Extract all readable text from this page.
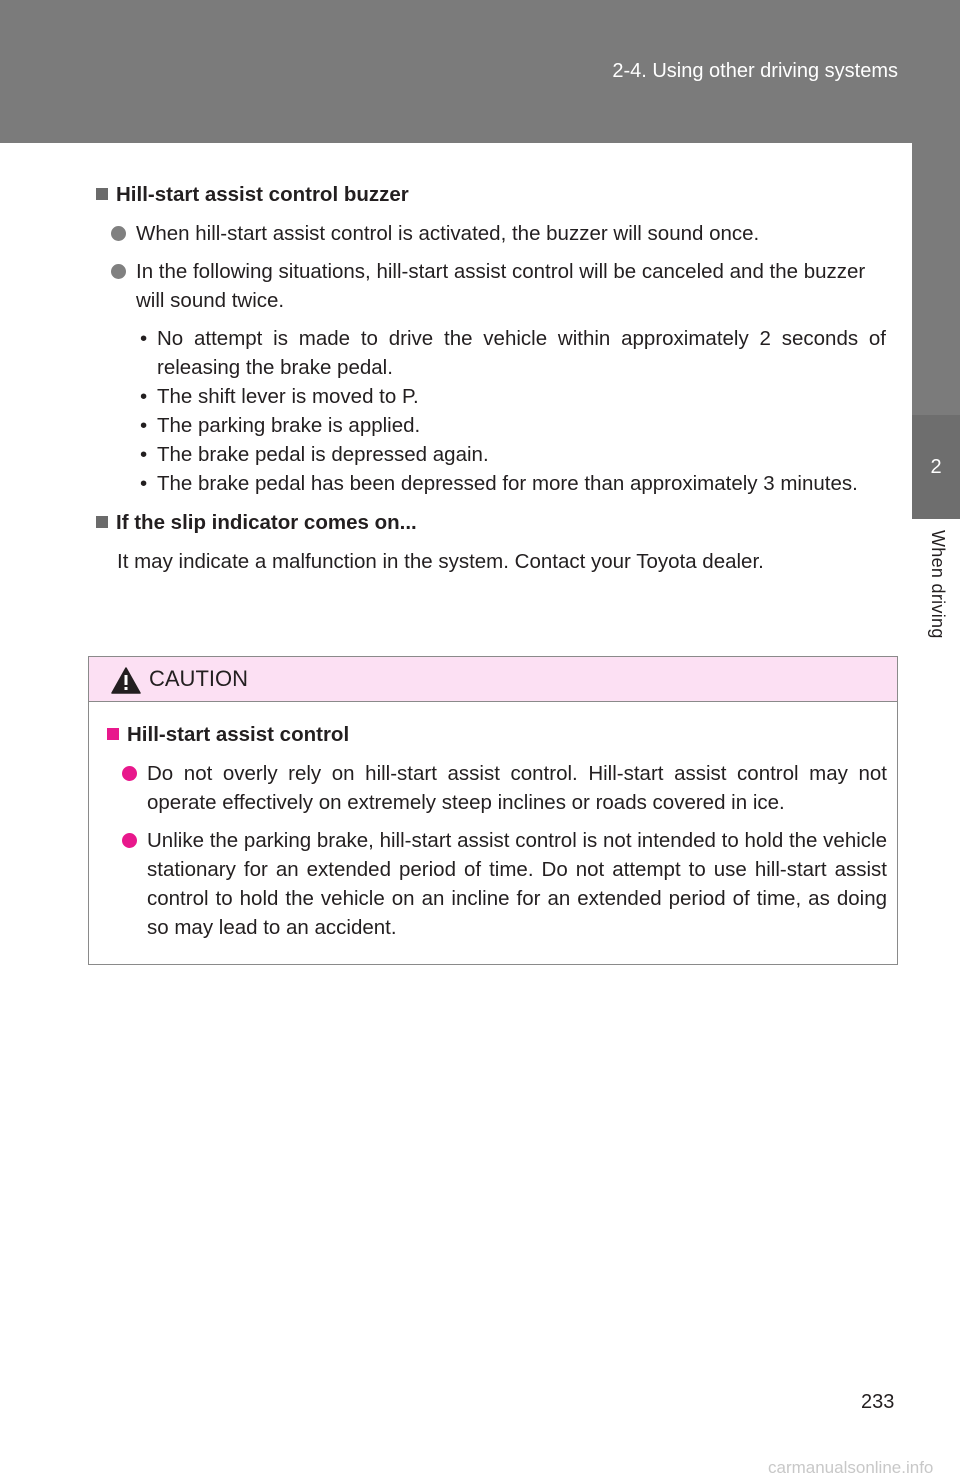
2-4. Using other driving systems
2
When driving
Hill-start assist control buzzer
When hill-start assist control is activated, the buzzer will sound once.
In the following situations, hill-start assist control will be canceled and the buzzer will sound twice.
• No attempt is made to drive the vehicle within approximately 2 seconds of releasing the brake pedal.
• The shift lever is moved to P.
• The parking brake is applied.
• The brake pedal is depressed again.
• The brake pedal has been depressed for more than approximately 3 minutes.
If the slip indicator comes on...
It may indicate a malfunction in the system. Contact your Toyota dealer.
CAUTION
Hill-start assist control
Do not overly rely on hill-start assist control. Hill-start assist control may not operate effectively on extremely steep inclines or roads covered in ice.
Unlike the parking brake, hill-start assist control is not intended to hold the vehicle stationary for an extended period of time. Do not attempt to use hill-start assist control to hold the vehicle on an incline for an extended period of time, as doing so may lead to an accident.
233
carmanualsonline.info
